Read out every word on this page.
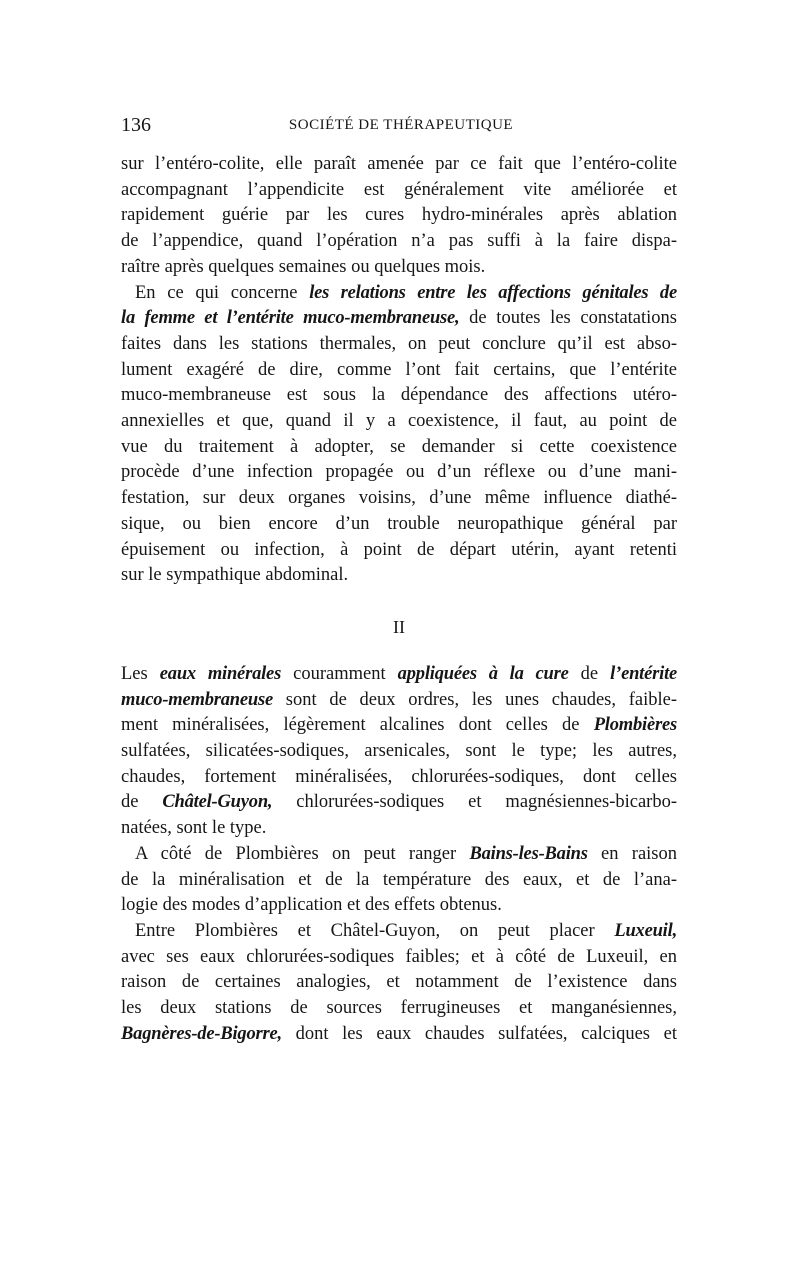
136	SOCIÉTÉ DE THÉRAPEUTIQUE

sur l’entéro-colite, elle paraît amenée par ce fait que l’entéro-colite
accompagnant l’appendicite est généralement vite améliorée et
rapidement guérie par les cures hydro-minérales après ablation
de l’appendice, quand l’opération n’a pas suffi à la faire dispa-
raître après quelques semaines ou quelques mois.

En ce qui concerne les relations entre les affections génitales de
la femme et l’entérite muco-membraneuse, de toutes les constatations
faites dans les stations thermales, on peut conclure qu’il est abso-
lument exagéré de dire, comme l’ont fait certains, que l’entérite
muco-membraneuse est sous la dépendance des affections utéro-
annexielles et que, quand il y a coexistence, il faut, au point de
vue du traitement à adopter, se demander si cette coexistence
procède d’une infection propagée ou d’un réflexe ou d’une mani-
festation, sur deux organes voisins, d’une même influence diathé-
sique, ou bien encore d’un trouble neuropathique général par
épuisement ou infection, à point de départ utérin, ayant retenti
sur le sympathique abdominal.

II

Les eaux minérales couramment appliquées à la cure de l’entérite
muco-membraneuse sont de deux ordres, les unes chaudes, faible-
ment minéralisées, légèrement alcalines dont celles de Plombières
sulfatées, silicatées-sodiques, arsenicales, sont le type; les autres,
chaudes, fortement minéralisées, chlorurées-sodiques, dont celles
de Châtel-Guyon, chlorurées-sodiques et magnésiennes-bicarbo-
natées, sont le type.

A côté de Plombières on peut ranger Bains-les-Bains en raison
de la minéralisation et de la température des eaux, et de l’ana-
logie des modes d’application et des effets obtenus.

Entre Plombières et Châtel-Guyon, on peut placer Luxeuil,
avec ses eaux chlorurées-sodiques faibles; et à côté de Luxeuil, en
raison de certaines analogies, et notamment de l’existence dans
les deux stations de sources ferrugineuses et manganésiennes,
Bagnères-de-Bigorre, dont les eaux chaudes sulfatées, calciques et
